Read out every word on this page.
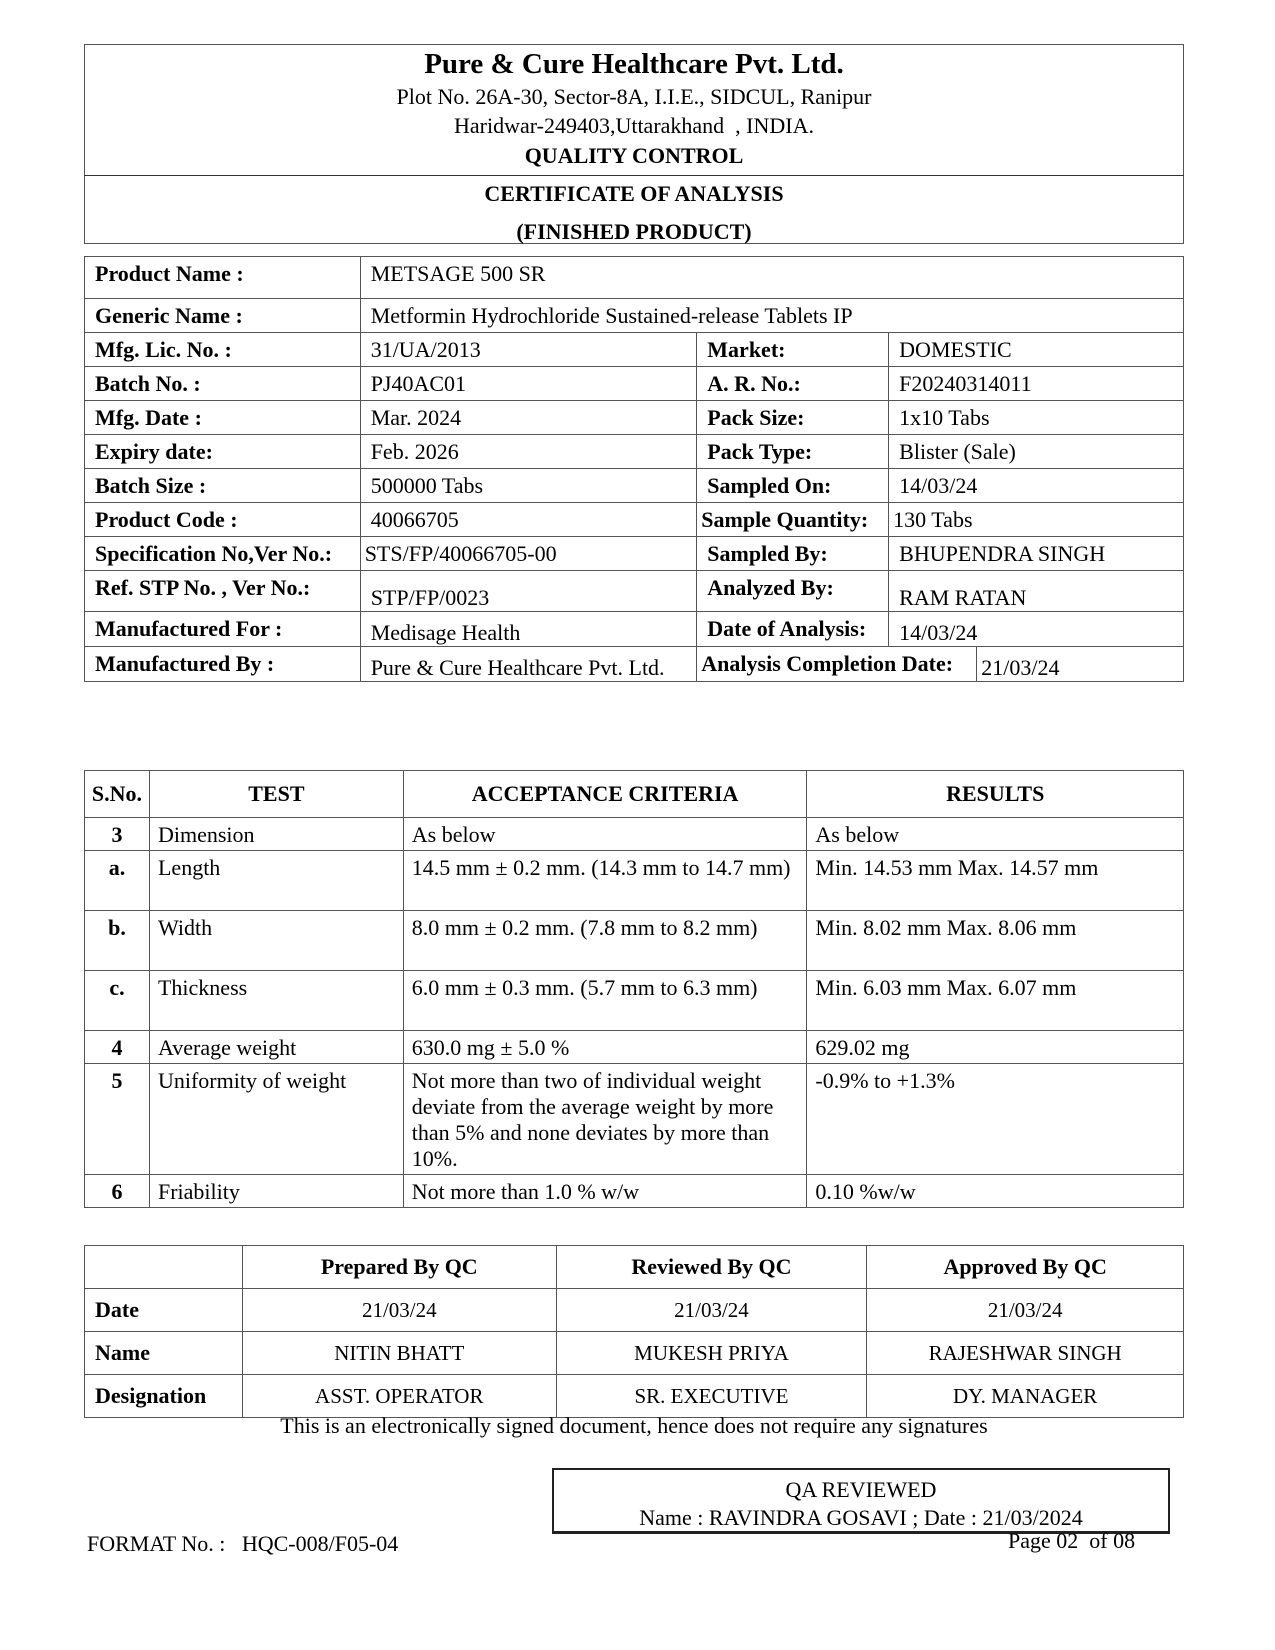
Pure & Cure Healthcare Pvt. Ltd.
Plot No. 26A-30, Sector-8A, I.I.E., SIDCUL, Ranipur
Haridwar-249403,Uttarakhand  , INDIA.
QUALITY CONTROL
CERTIFICATE OF ANALYSIS
(FINISHED PRODUCT)
Product Name :	METSAGE 500 SR		
Generic Name :	Metformin Hydrochloride Sustained-release Tablets IP		
Mfg. Lic. No. :	31/UA/2013	Market:	DOMESTIC
Batch No. :	PJ40AC01	A. R. No.:	F20240314011
Mfg. Date :	Mar. 2024	Pack Size:	1x10 Tabs
Expiry date:	Feb. 2026	Pack Type:	Blister (Sale)
Batch Size :	500000 Tabs	Sampled On:	14/03/24
Product Code :	40066705	Sample Quantity:	130 Tabs
Specification No,Ver No.:	STS/FP/40066705-00	Sampled By:	BHUPENDRA SINGH
Ref. STP No. , Ver No.:	STP/FP/0023	Analyzed By:	RAM RATAN
Manufactured For :	Medisage Health	Date of Analysis:	14/03/24
Manufactured By :	Pure & Cure Healthcare Pvt. Ltd.	Analysis Completion Date: 21/03/24	
S.No.	TEST	ACCEPTANCE CRITERIA	RESULTS
3	Dimension	As below	As below
a.	Length	14.5 mm ± 0.2 mm. (14.3 mm to 14.7 mm)	Min. 14.53 mm Max. 14.57 mm
b.	Width	8.0 mm ± 0.2 mm. (7.8 mm to 8.2 mm)	Min. 8.02 mm Max. 8.06 mm
c.	Thickness	6.0 mm ± 0.3 mm. (5.7 mm to 6.3 mm)	Min. 6.03 mm Max. 6.07 mm
4	Average weight	630.0 mg ± 5.0 %	629.02 mg
5	Uniformity of weight	Not more than two of individual weight deviate from the average weight by more than 5% and none deviates by more than 10%.	-0.9% to +1.3%
6	Friability	Not more than 1.0 % w/w	0.10 %w/w
	Prepared By QC	Reviewed By QC	Approved By QC
Date	21/03/24	21/03/24	21/03/24
Name	NITIN BHATT	MUKESH PRIYA	RAJESHWAR SINGH
Designation	ASST. OPERATOR	SR. EXECUTIVE	DY. MANAGER
This is an electronically signed document, hence does not require any signatures
QA REVIEWED
Name : RAVINDRA GOSAVI ; Date : 21/03/2024
FORMAT No. :   HQC-008/F05-04	Page 02  of 08
